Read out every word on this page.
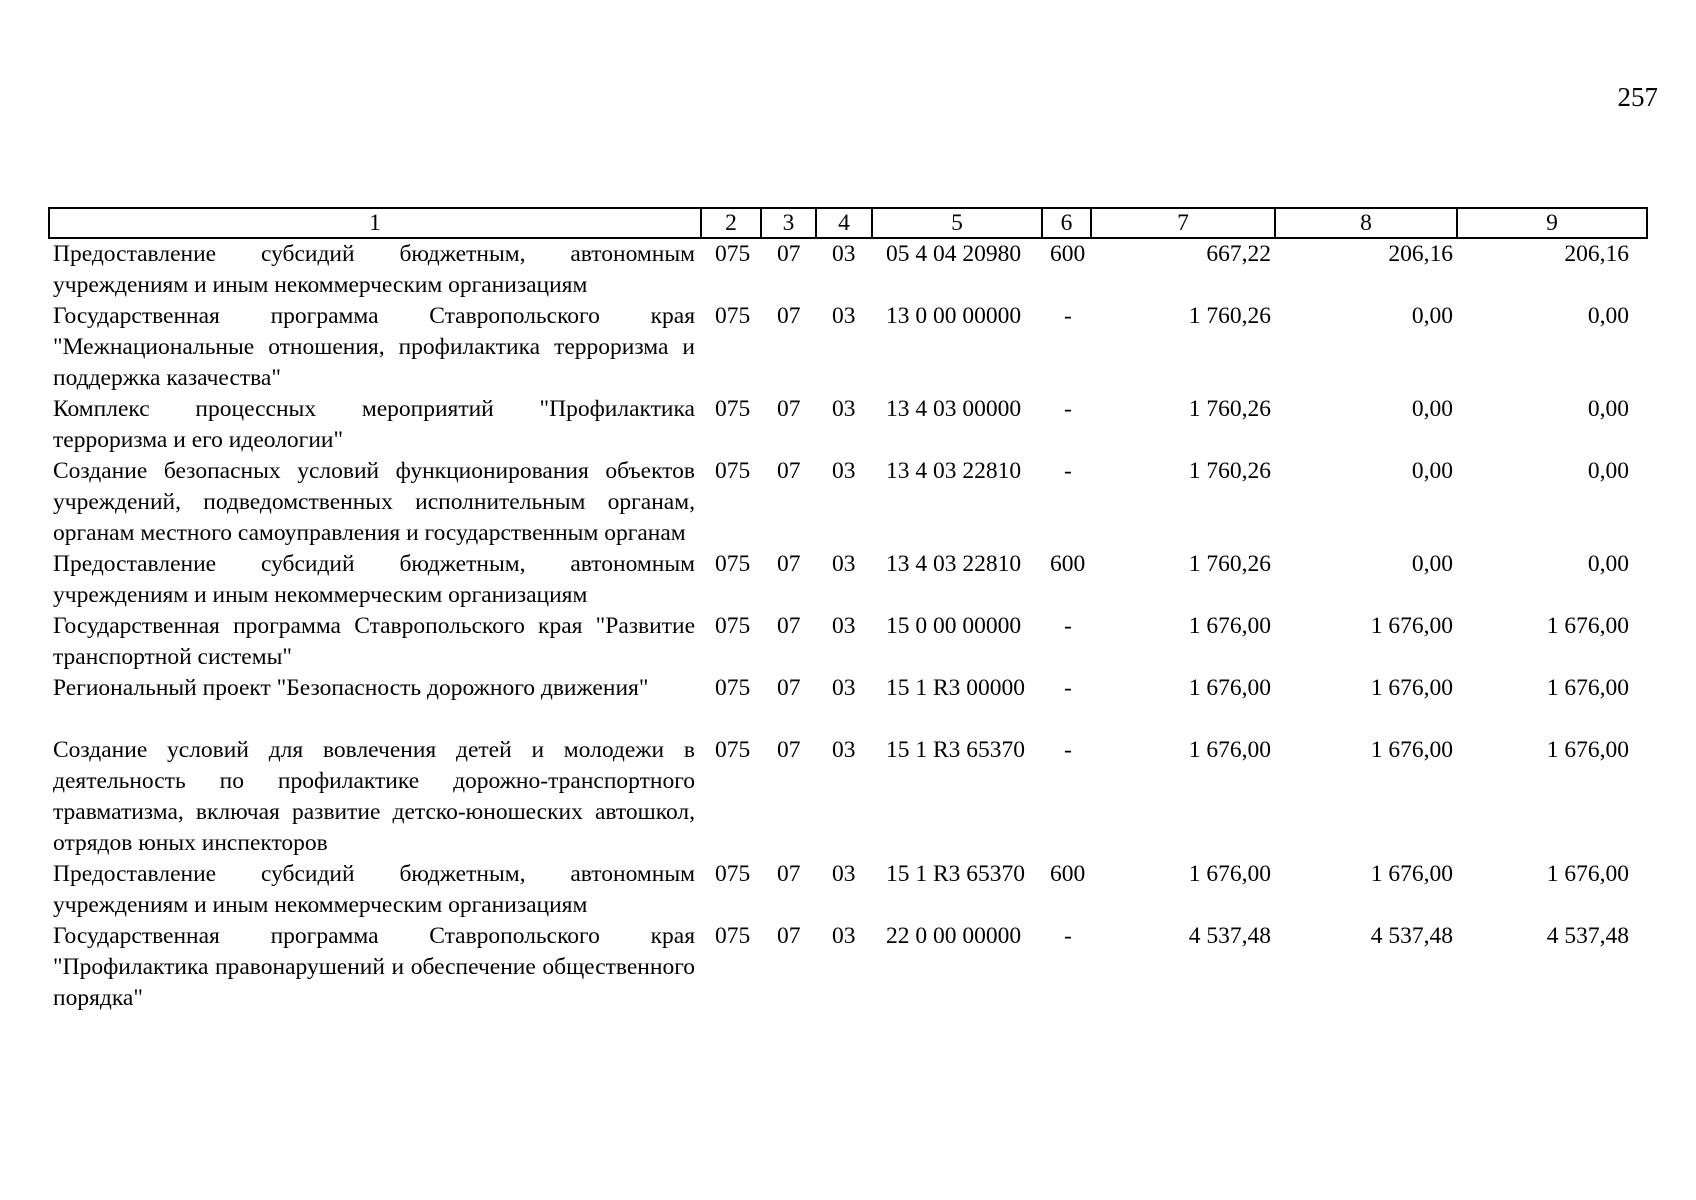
257
1	2	3	4	5	6	7	8	9
Предоставление субсидий бюджетным, автономным учреждениям и иным некоммерческим организациям	075	07	03	05 4 04 20980	600	667,22	206,16	206,16
Государственная программа Ставропольского края "Межнациональные отношения, профилактика терроризма и поддержка казачества"	075	07	03	13 0 00 00000	-	1 760,26	0,00	0,00
Комплекс процессных мероприятий "Профилактика терроризма и его идеологии"	075	07	03	13 4 03 00000	-	1 760,26	0,00	0,00
Создание безопасных условий функционирования объектов учреждений, подведомственных исполнительным органам, органам местного самоуправления и государственным органам	075	07	03	13 4 03 22810	-	1 760,26	0,00	0,00
Предоставление субсидий бюджетным, автономным учреждениям и иным некоммерческим организациям	075	07	03	13 4 03 22810	600	1 760,26	0,00	0,00
Государственная программа Ставропольского края "Развитие транспортной системы"	075	07	03	15 0 00 00000	-	1 676,00	1 676,00	1 676,00
Региональный проект "Безопасность дорожного движения"	075	07	03	15 1 R3 00000	-	1 676,00	1 676,00	1 676,00

Создание условий для вовлечения детей и молодежи в деятельность по профилактике дорожно-транспортного травматизма, включая развитие детско-юношеских автошкол, отрядов юных инспекторов	075	07	03	15 1 R3 65370	-	1 676,00	1 676,00	1 676,00
Предоставление субсидий бюджетным, автономным учреждениям и иным некоммерческим организациям	075	07	03	15 1 R3 65370	600	1 676,00	1 676,00	1 676,00
Государственная программа Ставропольского края "Профилактика правонарушений и обеспечение общественного порядка"	075	07	03	22 0 00 00000	-	4 537,48	4 537,48	4 537,48
